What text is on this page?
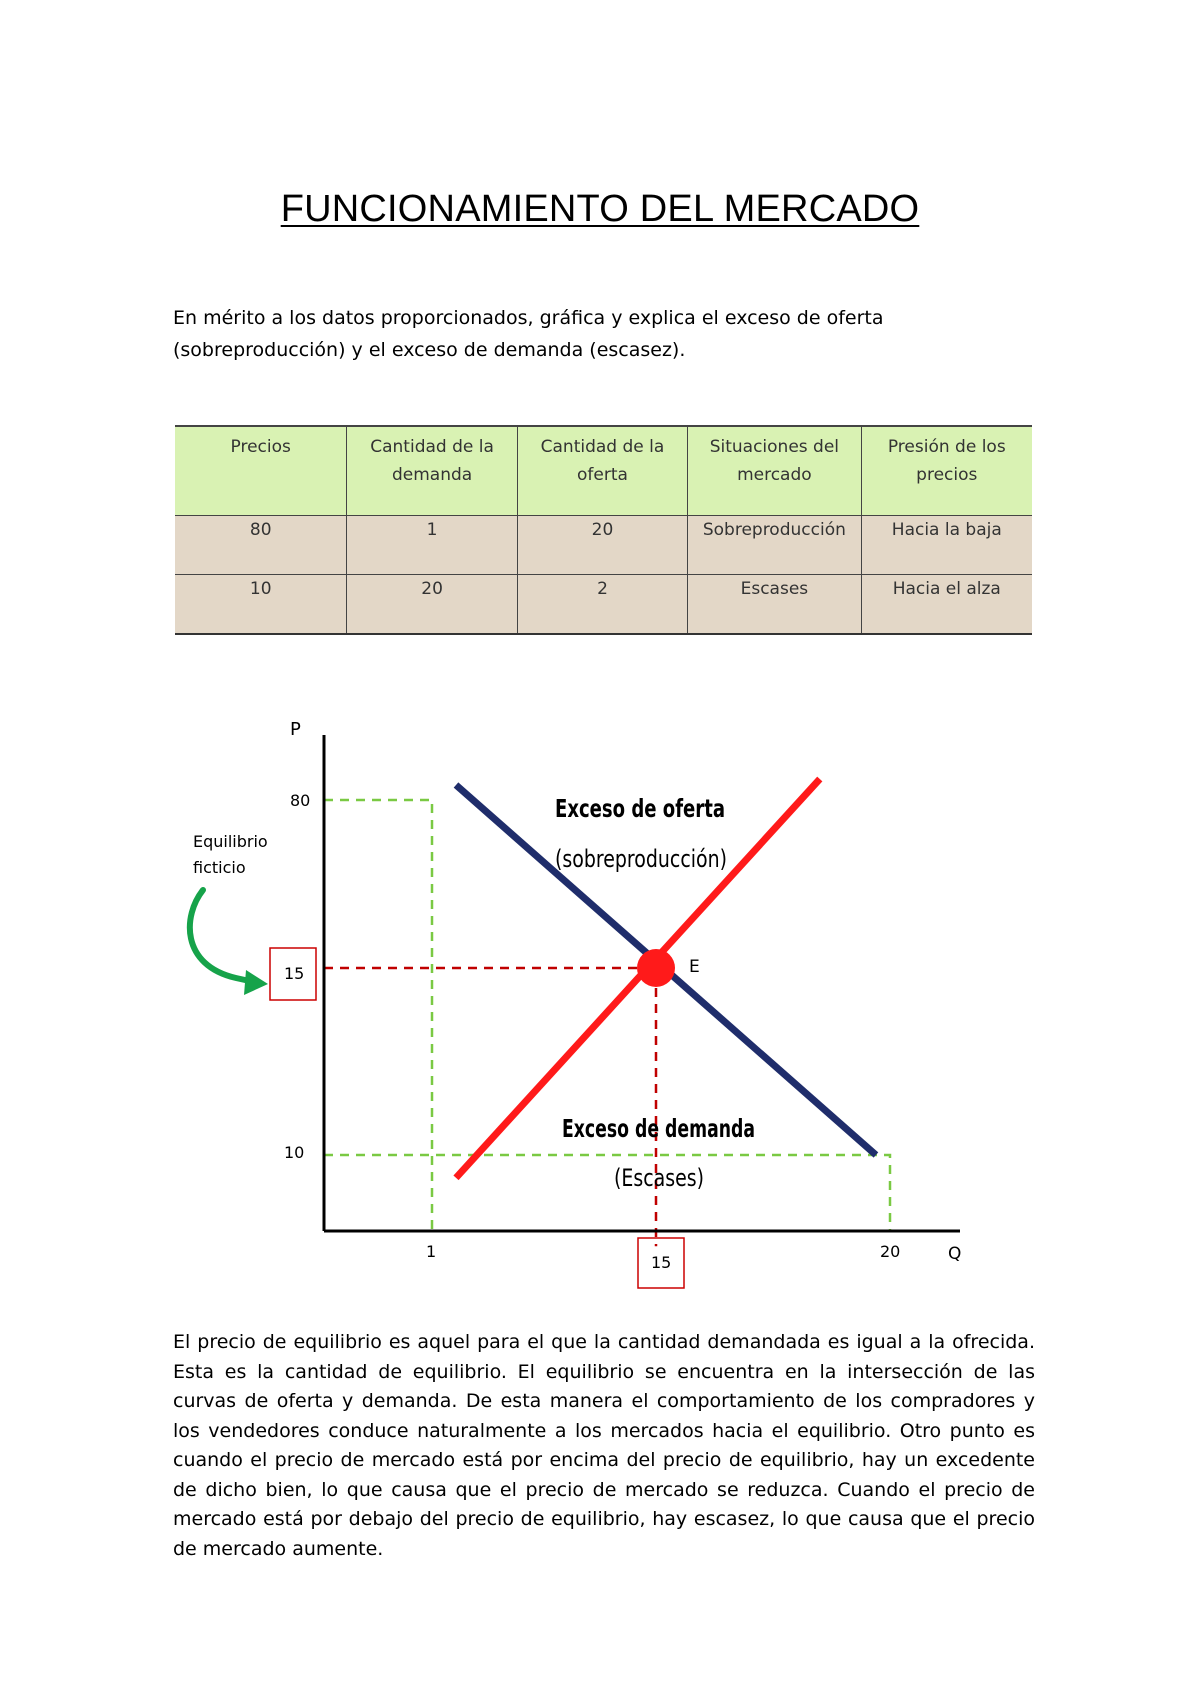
FUNCIONAMIENTO DEL MERCADO

En mérito a los datos proporcionados, gráfica y explica el exceso de oferta (sobreproducción) y el exceso de demanda (escasez).

Precios	Cantidad de la demanda	Cantidad de la oferta	Situaciones del mercado	Presión de los precios
80	1	20	Sobreproducción	Hacia la baja
10	20	2	Escases	Hacia el alza
P
Q
80
10
1	20
15
15
E
Exceso de oferta
(sobreproducción)
Exceso de demanda
(Escases)
Equilibrio
ficticio

El precio de equilibrio es aquel para el que la cantidad demandada es igual a la ofrecida. Esta es la cantidad de equilibrio. El equilibrio se encuentra en la intersección de las curvas de oferta y demanda. De esta manera el comportamiento de los compradores y los vendedores conduce naturalmente a los mercados hacia el equilibrio. Otro punto es cuando el precio de mercado está por encima del precio de equilibrio, hay un excedente de dicho bien, lo que causa que el precio de mercado se reduzca. Cuando el precio de mercado está por debajo del precio de equilibrio, hay escasez, lo que causa que el precio de mercado aumente.
